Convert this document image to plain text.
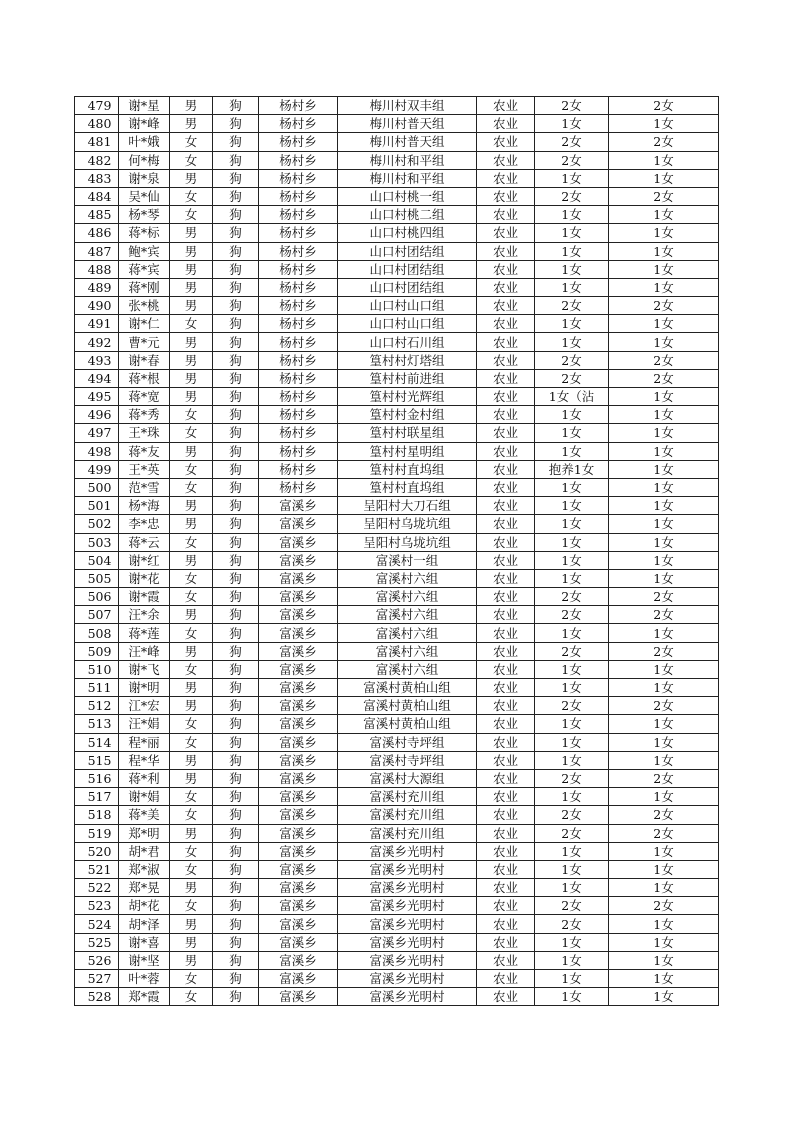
479	谢*星	男	狗	杨村乡	梅川村双丰组	农业	2女	2女
480	谢*峰	男	狗	杨村乡	梅川村普天组	农业	1女	1女
481	叶*娥	女	狗	杨村乡	梅川村普天组	农业	2女	2女
482	何*梅	女	狗	杨村乡	梅川村和平组	农业	2女	1女
483	谢*泉	男	狗	杨村乡	梅川村和平组	农业	1女	1女
484	吴*仙	女	狗	杨村乡	山口村桃一组	农业	2女	2女
485	杨*琴	女	狗	杨村乡	山口村桃二组	农业	1女	1女
486	蒋*标	男	狗	杨村乡	山口村桃四组	农业	1女	1女
487	鲍*宾	男	狗	杨村乡	山口村团结组	农业	1女	1女
488	蒋*宾	男	狗	杨村乡	山口村团结组	农业	1女	1女
489	蒋*刚	男	狗	杨村乡	山口村团结组	农业	1女	1女
490	张*桃	男	狗	杨村乡	山口村山口组	农业	2女	2女
491	谢*仁	女	狗	杨村乡	山口村山口组	农业	1女	1女
492	曹*元	男	狗	杨村乡	山口村石川组	农业	1女	1女
493	谢*春	男	狗	杨村乡	篁村村灯塔组	农业	2女	2女
494	蒋*根	男	狗	杨村乡	篁村村前进组	农业	2女	2女
495	蒋*宽	男	狗	杨村乡	篁村村光辉组	农业	1女（沾	1女
496	蒋*秀	女	狗	杨村乡	篁村村金村组	农业	1女	1女
497	王*珠	女	狗	杨村乡	篁村村联星组	农业	1女	1女
498	蒋*友	男	狗	杨村乡	篁村村星明组	农业	1女	1女
499	王*英	女	狗	杨村乡	篁村村直坞组	农业	抱养1女	1女
500	范*雪	女	狗	杨村乡	篁村村直坞组	农业	1女	1女
501	杨*海	男	狗	富溪乡	呈阳村大刀石组	农业	1女	1女
502	李*忠	男	狗	富溪乡	呈阳村乌垅坑组	农业	1女	1女
503	蒋*云	女	狗	富溪乡	呈阳村乌垅坑组	农业	1女	1女
504	谢*红	男	狗	富溪乡	富溪村一组	农业	1女	1女
505	谢*花	女	狗	富溪乡	富溪村六组	农业	1女	1女
506	谢*霞	女	狗	富溪乡	富溪村六组	农业	2女	2女
507	汪*余	男	狗	富溪乡	富溪村六组	农业	2女	2女
508	蒋*莲	女	狗	富溪乡	富溪村六组	农业	1女	1女
509	汪*峰	男	狗	富溪乡	富溪村六组	农业	2女	2女
510	谢*飞	女	狗	富溪乡	富溪村六组	农业	1女	1女
511	谢*明	男	狗	富溪乡	富溪村黄柏山组	农业	1女	1女
512	江*宏	男	狗	富溪乡	富溪村黄柏山组	农业	2女	2女
513	汪*娟	女	狗	富溪乡	富溪村黄柏山组	农业	1女	1女
514	程*丽	女	狗	富溪乡	富溪村寺坪组	农业	1女	1女
515	程*华	男	狗	富溪乡	富溪村寺坪组	农业	1女	1女
516	蒋*利	男	狗	富溪乡	富溪村大源组	农业	2女	2女
517	谢*娟	女	狗	富溪乡	富溪村充川组	农业	1女	1女
518	蒋*美	女	狗	富溪乡	富溪村充川组	农业	2女	2女
519	郑*明	男	狗	富溪乡	富溪村充川组	农业	2女	2女
520	胡*君	女	狗	富溪乡	富溪乡光明村	农业	1女	1女
521	郑*淑	女	狗	富溪乡	富溪乡光明村	农业	1女	1女
522	郑*晃	男	狗	富溪乡	富溪乡光明村	农业	1女	1女
523	胡*花	女	狗	富溪乡	富溪乡光明村	农业	2女	2女
524	胡*泽	男	狗	富溪乡	富溪乡光明村	农业	2女	1女
525	谢*喜	男	狗	富溪乡	富溪乡光明村	农业	1女	1女
526	谢*坚	男	狗	富溪乡	富溪乡光明村	农业	1女	1女
527	叶*蓉	女	狗	富溪乡	富溪乡光明村	农业	1女	1女
528	郑*霞	女	狗	富溪乡	富溪乡光明村	农业	1女	1女
